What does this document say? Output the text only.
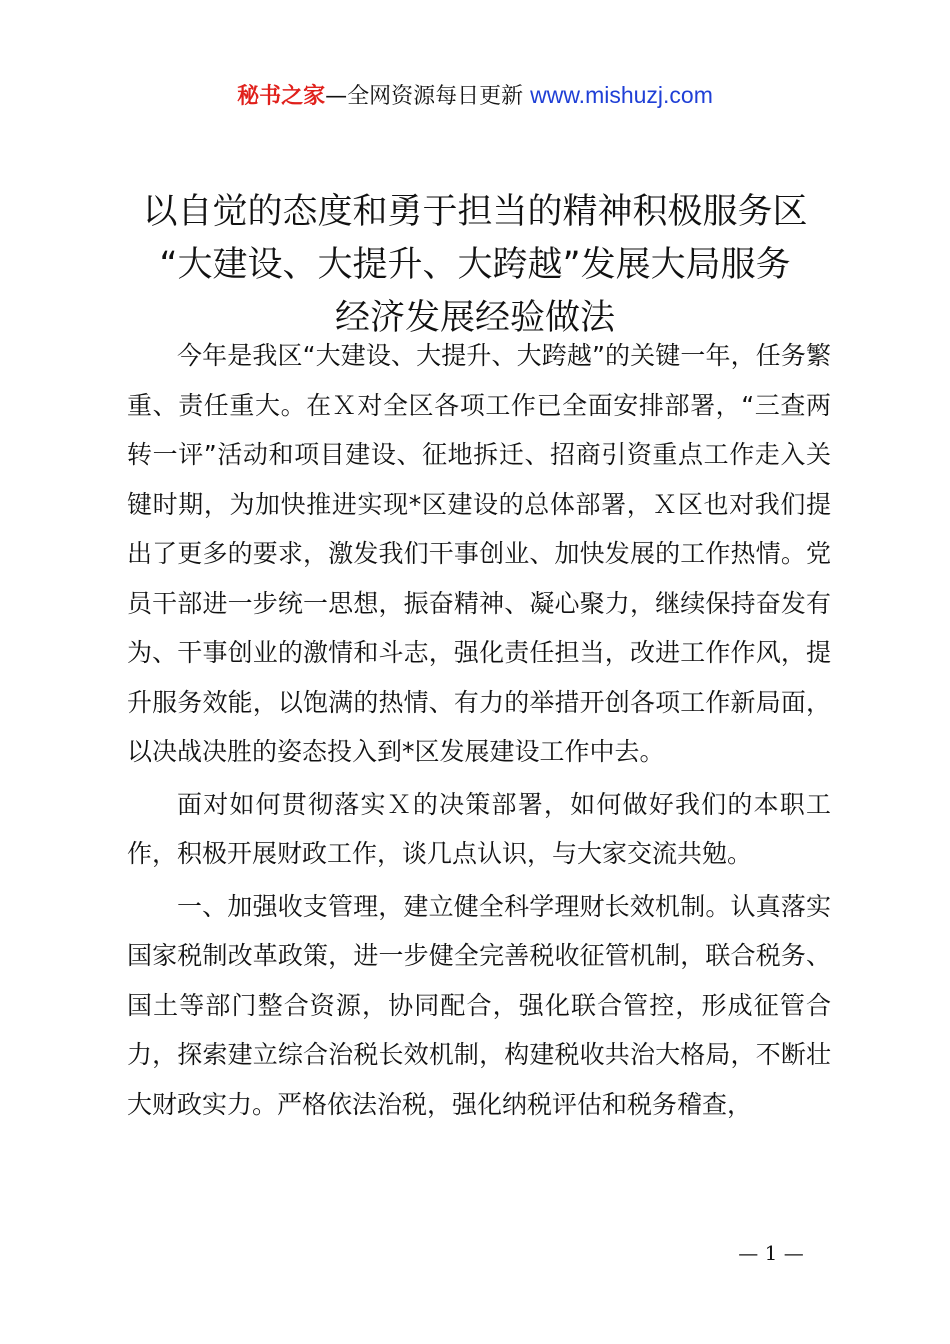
秘书之家—全网资源每日更新 www.mishuzj.com
以自觉的态度和勇于担当的精神积极服务区
“大建设、大提升、大跨越”发展大局服务
经济发展经验做法

今年是我区“大建设、大提升、大跨越”的关键一年，任务繁重、责任重大。在Ｘ对全区各项工作已全面安排部署，“三查两转一评”活动和项目建设、征地拆迁、招商引资重点工作走入关键时期，为加快推进实现*区建设的总体部署，Ｘ区也对我们提出了更多的要求，激发我们干事创业、加快发展的工作热情。党员干部进一步统一思想，振奋精神、凝心聚力，继续保持奋发有为、干事创业的激情和斗志，强化责任担当，改进工作作风，提升服务效能，以饱满的热情、有力的举措开创各项工作新局面，以决战决胜的姿态投入到*区发展建设工作中去。

面对如何贯彻落实Ｘ的决策部署，如何做好我们的本职工作，积极开展财政工作，谈几点认识，与大家交流共勉。

一、加强收支管理，建立健全科学理财长效机制。认真落实国家税制改革政策，进一步健全完善税收征管机制，联合税务、国土等部门整合资源，协同配合，强化联合管控，形成征管合力，探索建立综合治税长效机制，构建税收共治大格局，不断壮大财政实力。严格依法治税，强化纳税评估和税务稽查，

— 1 —
